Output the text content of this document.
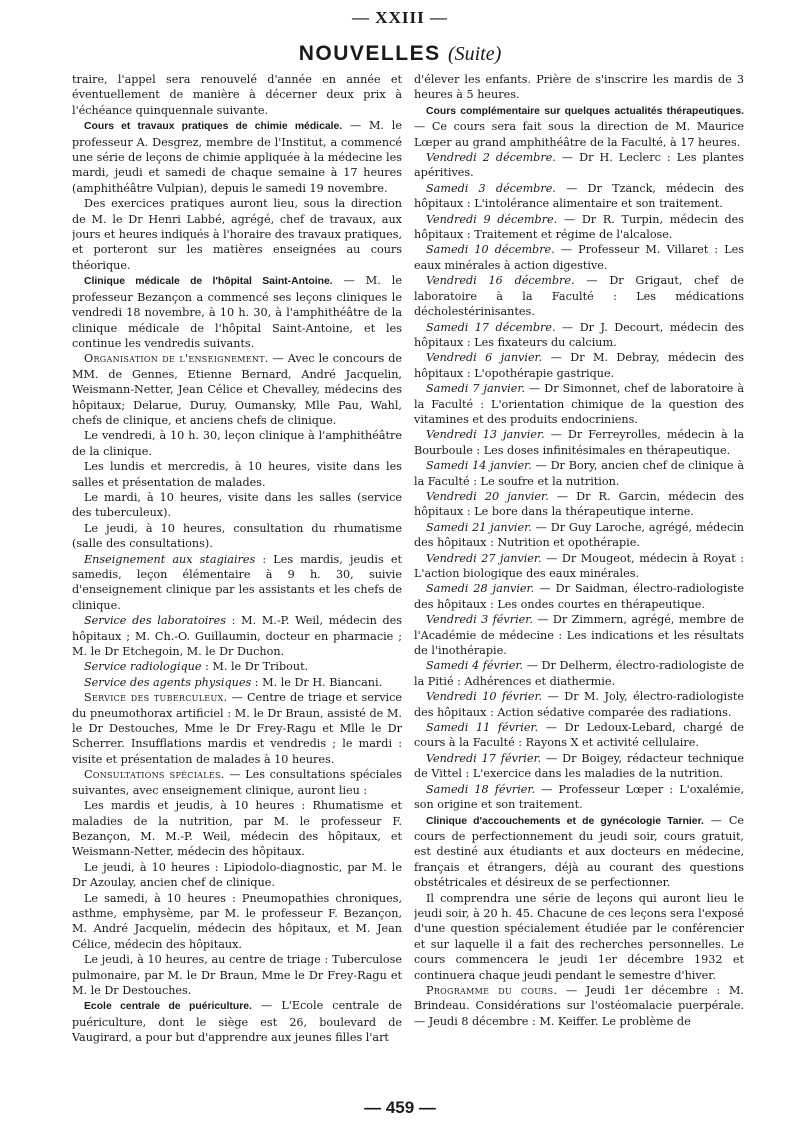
— XXIII —
NOUVELLES (Suite)

traire, l'appel sera renouvelé d'année en année et éventuellement de manière à décerner deux prix à l'échéance quinquennale suivante.

Cours et travaux pratiques de chimie médicale. — M. le professeur A. Desgrez, membre de l'Institut, a commencé une série de leçons de chimie appliquée à la médecine les mardi, jeudi et samedi de chaque semaine à 17 heures (amphithéâtre Vulpian), depuis le samedi 19 novembre.

Des exercices pratiques auront lieu, sous la direction de M. le Dr Henri Labbé, agrégé, chef de travaux, aux jours et heures indiqués à l'horaire des travaux pratiques, et porteront sur les matières enseignées au cours théorique.

Clinique médicale de l'hôpital Saint-Antoine. — M. le professeur Bezançon a commencé ses leçons cliniques le vendredi 18 novembre, à 10 h. 30, à l'amphithéâtre de la clinique médicale de l'hôpital Saint-Antoine, et les continue les vendredis suivants.

Organisation de l'enseignement. — Avec le concours de MM. de Gennes, Etienne Bernard, André Jacquelin, Weismann-Netter, Jean Célice et Chevalley, médecins des hôpitaux; Delarue, Duruy, Oumansky, Mlle Pau, Wahl, chefs de clinique, et anciens chefs de clinique.

Le vendredi, à 10 h. 30, leçon clinique à l'amphithéâtre de la clinique.

Les lundis et mercredis, à 10 heures, visite dans les salles et présentation de malades.

Le mardi, à 10 heures, visite dans les salles (service des tuberculeux).

Le jeudi, à 10 heures, consultation du rhumatisme (salle des consultations).

Enseignement aux stagiaires : Les mardis, jeudis et samedis, leçon élémentaire à 9 h. 30, suivie d'enseignement clinique par les assistants et les chefs de clinique.

Service des laboratoires : M. M.-P. Weil, médecin des hôpitaux ; M. Ch.-O. Guillaumin, docteur en pharmacie ; M. le Dr Etchegoin, M. le Dr Duchon.

Service radiologique : M. le Dr Tribout.

Service des agents physiques : M. le Dr H. Biancani.

Service des tuberculeux. — Centre de triage et service du pneumothorax artificiel : M. le Dr Braun, assisté de M. le Dr Destouches, Mme le Dr Frey-Ragu et Mlle le Dr Scherrer. Insufflations mardis et vendredis ; le mardi : visite et présentation de malades à 10 heures.

Consultations spéciales. — Les consultations spéciales suivantes, avec enseignement clinique, auront lieu :

Les mardis et jeudis, à 10 heures : Rhumatisme et maladies de la nutrition, par M. le professeur F. Bezançon, M. M.-P. Weil, médecin des hôpitaux, et Weismann-Netter, médecin des hôpitaux.

Le jeudi, à 10 heures : Lipiodolo-diagnostic, par M. le Dr Azoulay, ancien chef de clinique.

Le samedi, à 10 heures : Pneumopathies chroniques, asthme, emphysème, par M. le professeur F. Bezançon, M. André Jacquelin, médecin des hôpitaux, et M. Jean Célice, médecin des hôpitaux.

Le jeudi, à 10 heures, au centre de triage : Tuberculose pulmonaire, par M. le Dr Braun, Mme le Dr Frey-Ragu et M. le Dr Destouches.

Ecole centrale de puériculture. — L'Ecole centrale de puériculture, dont le siège est 26, boulevard de Vaugirard, a pour but d'apprendre aux jeunes filles l'art

d'élever les enfants. Prière de s'inscrire les mardis de 3 heures à 5 heures.

Cours complémentaire sur quelques actualités thérapeutiques. — Ce cours sera fait sous la direction de M. Maurice Lœper au grand amphithéâtre de la Faculté, à 17 heures.

Vendredi 2 décembre. — Dr H. Leclerc : Les plantes apéritives.

Samedi 3 décembre. — Dr Tzanck, médecin des hôpitaux : L'intolérance alimentaire et son traitement.

Vendredi 9 décembre. — Dr R. Turpin, médecin des hôpitaux : Traitement et régime de l'alcalose.

Samedi 10 décembre. — Professeur M. Villaret : Les eaux minérales à action digestive.

Vendredi 16 décembre. — Dr Grigaut, chef de laboratoire à la Faculté : Les médications décholestérinisantes.

Samedi 17 décembre. — Dr J. Decourt, médecin des hôpitaux : Les fixateurs du calcium.

Vendredi 6 janvier. — Dr M. Debray, médecin des hôpitaux : L'opothérapie gastrique.

Samedi 7 janvier. — Dr Simonnet, chef de laboratoire à la Faculté : L'orientation chimique de la question des vitamines et des produits endocriniens.

Vendredi 13 janvier. — Dr Ferreyrolles, médecin à la Bourboule : Les doses infinitésimales en thérapeutique.

Samedi 14 janvier. — Dr Bory, ancien chef de clinique à la Faculté : Le soufre et la nutrition.

Vendredi 20 janvier. — Dr R. Garcin, médecin des hôpitaux : Le bore dans la thérapeutique interne.

Samedi 21 janvier. — Dr Guy Laroche, agrégé, médecin des hôpitaux : Nutrition et opothérapie.

Vendredi 27 janvier. — Dr Mougeot, médecin à Royat : L'action biologique des eaux minérales.

Samedi 28 janvier. — Dr Saidman, électro-radiologiste des hôpitaux : Les ondes courtes en thérapeutique.

Vendredi 3 février. — Dr Zimmern, agrégé, membre de l'Académie de médecine : Les indications et les résultats de l'inothérapie.

Samedi 4 février. — Dr Delherm, électro-radiologiste de la Pitié : Adhérences et diathermie.

Vendredi 10 février. — Dr M. Joly, électro-radiologiste des hôpitaux : Action sédative comparée des radiations.

Samedi 11 février. — Dr Ledoux-Lebard, chargé de cours à la Faculté : Rayons X et activité cellulaire.

Vendredi 17 février. — Dr Boigey, rédacteur technique de Vittel : L'exercice dans les maladies de la nutrition.

Samedi 18 février. — Professeur Lœper : L'oxalémie, son origine et son traitement.

Clinique d'accouchements et de gynécologie Tarnier. — Ce cours de perfectionnement du jeudi soir, cours gratuit, est destiné aux étudiants et aux docteurs en médecine, français et étrangers, déjà au courant des questions obstétricales et désireux de se perfectionner.

Il comprendra une série de leçons qui auront lieu le jeudi soir, à 20 h. 45. Chacune de ces leçons sera l'exposé d'une question spécialement étudiée par le conférencier et sur laquelle il a fait des recherches personnelles. Le cours commencera le jeudi 1er décembre 1932 et continuera chaque jeudi pendant le semestre d'hiver.

Programme du cours. — Jeudi 1er décembre : M. Brindeau. Considérations sur l'ostéomalacie puerpérale. — Jeudi 8 décembre : M. Keiffer. Le problème de

— 459 —
